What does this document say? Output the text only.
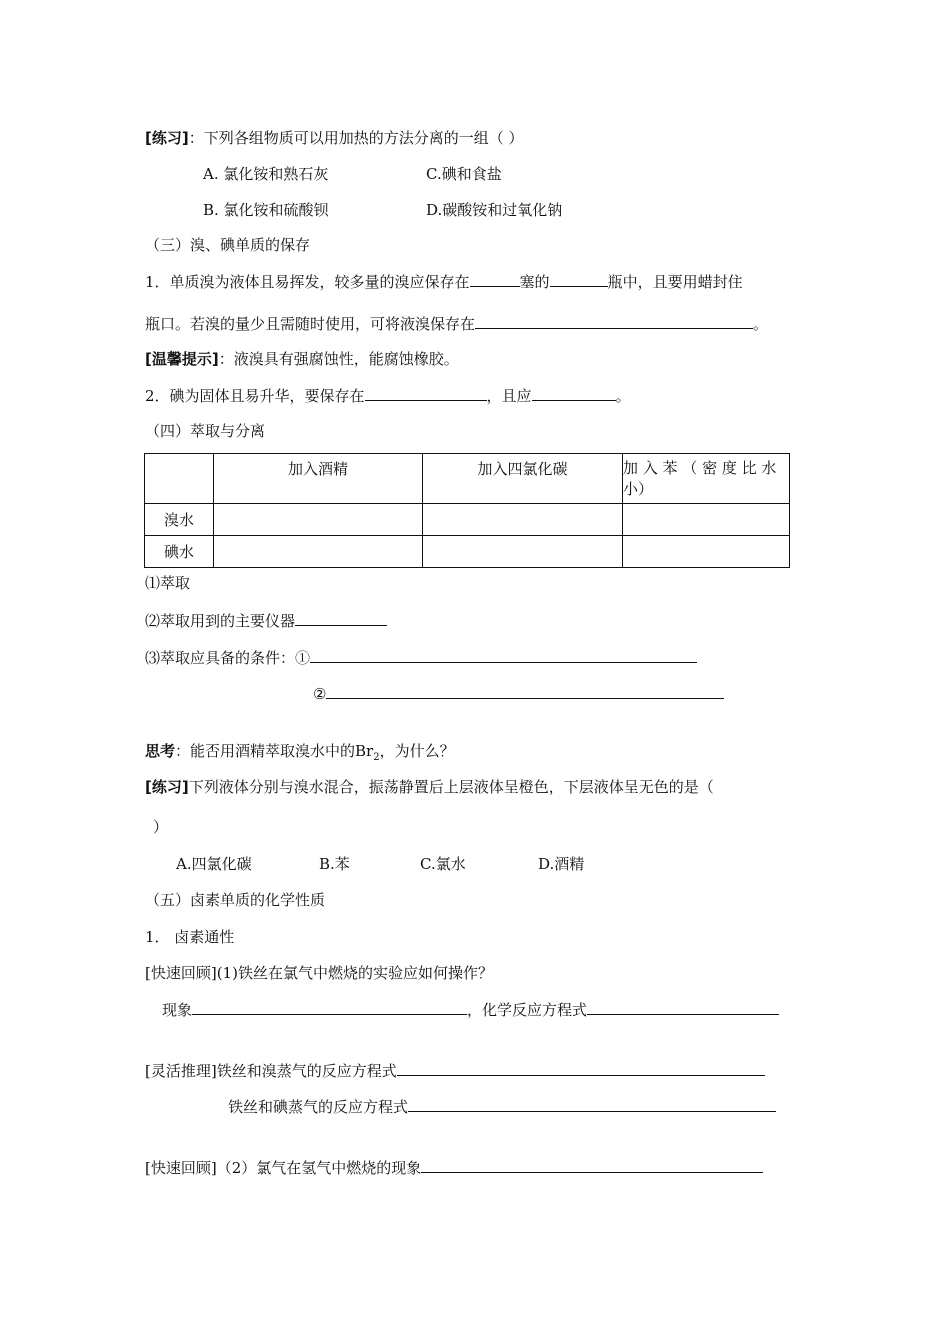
[练习]：下列各组物质可以用加热的方法分离的一组（ ）
A. 氯化铵和熟石灰	C.碘和食盐
B. 氯化铵和硫酸钡	D.碳酸铵和过氧化钠
（三）溴、碘单质的保存
1．单质溴为液体且易挥发，较多量的溴应保存在	塞的	瓶中，且要用蜡封住
瓶口。若溴的量少且需随时使用，可将液溴保存在	。
[温馨提示]：液溴具有强腐蚀性，能腐蚀橡胶。
2．碘为固体且易升华，要保存在	，且应	。
（四）萃取与分离
	加入酒精	加入四氯化碳	加 入 苯 （ 密 度 比 水小）
溴水			
碘水			
⑴萃取
⑵萃取用到的主要仪器
⑶萃取应具备的条件：①
②
思考：能否用酒精萃取溴水中的$Br_2$，为什么？
[练习]下列液体分别与溴水混合，振荡静置后上层液体呈橙色，下层液体呈无色的是（
）
A.四氯化碳	B.苯	C.氯水	D.酒精
（五）卤素单质的化学性质
1． 卤素通性
[快速回顾](1)铁丝在氯气中燃烧的实验应如何操作？
现象	，化学反应方程式
[灵活推理]铁丝和溴蒸气的反应方程式
铁丝和碘蒸气的反应方程式
[快速回顾]（2）氯气在氢气中燃烧的现象
